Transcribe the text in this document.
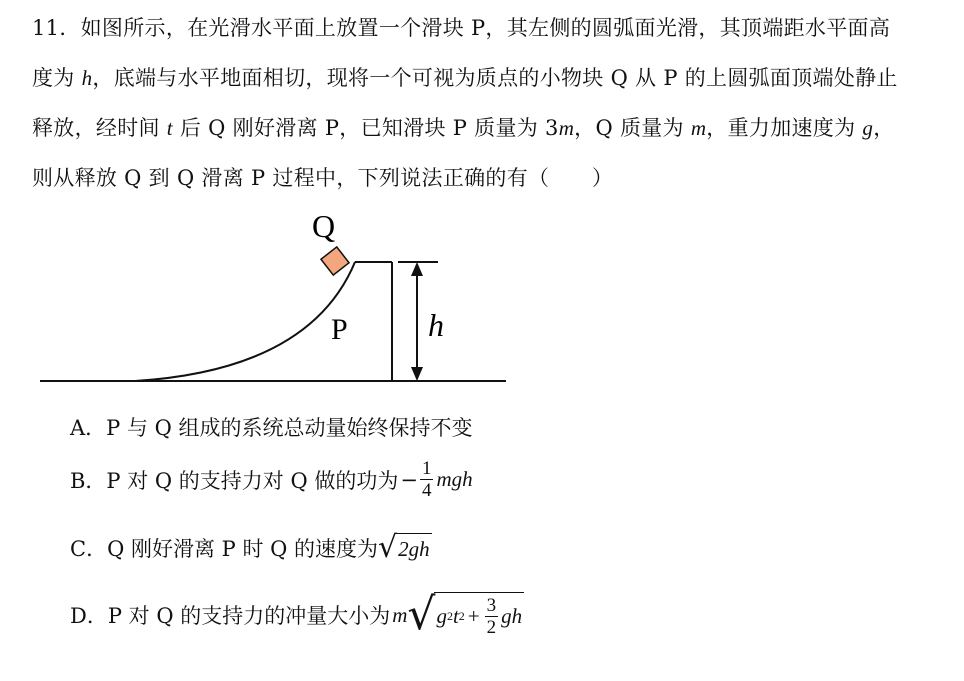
11．如图所示，在光滑水平面上放置一个滑块 P，其左侧的圆弧面光滑，其顶端距水平面高
度为 h，底端与水平地面相切，现将一个可视为质点的小物块 Q 从 P 的上圆弧面顶端处静止
释放，经时间 t 后 Q 刚好滑离 P，已知滑块 P 质量为 3m，Q 质量为 m，重力加速度为 g，
则从释放 Q 到 Q 滑离 P 过程中，下列说法正确的有（　　）
Q
P	h
A．P 与 Q 组成的系统总动量始终保持不变
B．P 对 Q 的支持力对 Q 做的功为 − $\frac{1}{4}$ mgh
C．Q 刚好滑离 P 时 Q 的速度为 √ 2gh
D．P 对 Q 的支持力的冲量大小为 m √ g 2 t $2 + \frac{3}{2}$ gh
